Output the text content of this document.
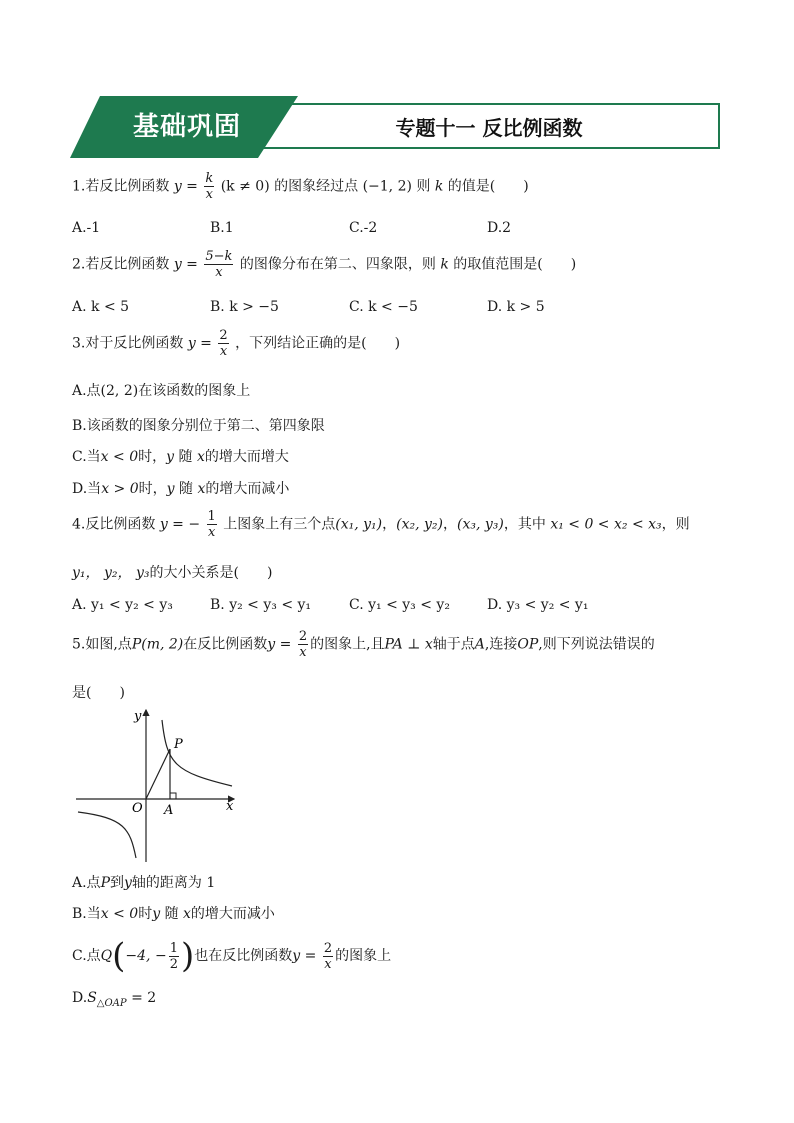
基础巩固	专题十一 反比例函数
1.若反比例函数 $y = \frac{k}{x} (k \ne 0)$ 的图象经过点 (−1, 2) 则 k 的值是( )
A.-1	B.1	C.-2	D.2
2.若反比例函数 $y = \frac{5-k}{x}$ 的图像分布在第二、四象限，则 k 的取值范围是( )
A. k < 5	B. k > −5	C. k < −5	D. k > 5
3.对于反比例函数 $y = \frac{2}{x}$ ，下列结论正确的是( )
A.点(2, 2)在该函数的图象上
B.该函数的图象分别位于第二、第四象限
C.当x < 0时，y 随 x的增大而增大
D.当x > 0时，y 随 x的增大而减小
4.反比例函数 y = − $\frac{1}{x}$ 上图象上有三个点(x₁, y₁)，(x₂, y₂)，(x₃, y₃)，其中 x₁ < 0 < x₂ < x₃，则
y₁， y₂， y₃的大小关系是( )
A. y₁ < y₂ < y₃	B. y₂ < y₃ < y₁	C. y₁ < y₃ < y₂	D. y₃ < y₂ < y₁
5.如图,点P(m, 2)在反比例函数$y = \frac{2}{x}$ 的图象上,且PA ⊥ x轴于点A,连接OP,则下列说法错误的
是( )
y
x
O A
P
A.点P到y轴的距离为 1
B.当x < 0时y 随 x的增大而减小
C.点Q(−4, − $\frac{1}{2}$ )也在反比例函数$y = \frac{2}{x}$ 的图象上
$D.S_{\triangle OAP} = 2$
